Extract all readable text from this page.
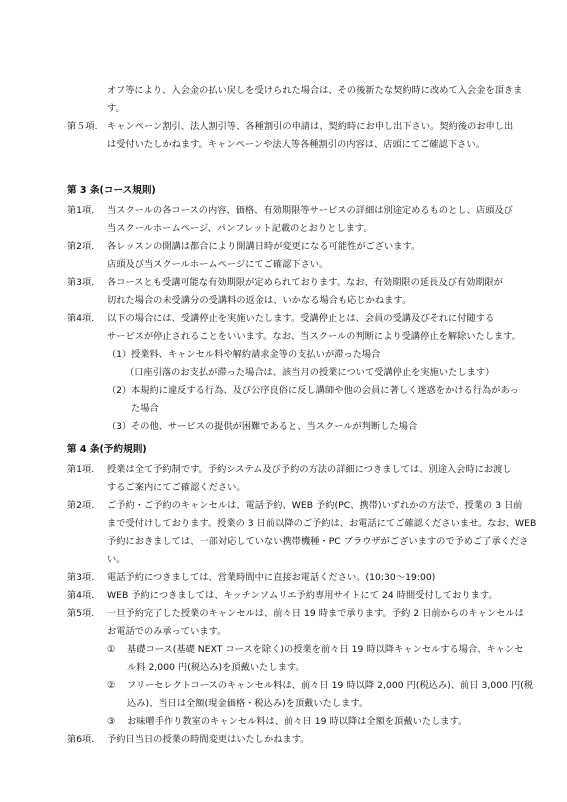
オフ等により、入会金の払い戻しを受けられた場合は、その後新たな契約時に改めて入会金を頂きま
す。
第５項. キャンペーン割引、法人割引等、各種割引の申請は、契約時にお申し出下さい。契約後のお申し出
は受付いたしかねます。キャンペーンや法人等各種割引の内容は、店頭にてご確認下さい。
第 3 条(コース規則)
第1項. 当スクールの各コースの内容、価格、有効期限等サービスの詳細は別途定めるものとし、店頭及び
当スクールホームページ、パンフレット記載のとおりとします。
第2項. 各レッスンの開講は都合により開講日時が変更になる可能性がございます。
店頭及び当スクールホームページにてご確認下さい。
第3項. 各コースとも受講可能な有効期限が定められております。なお、有効期限の延長及び有効期限が
切れた場合の未受講分の受講料の返金は、いかなる場合も応じかねます。
第4項. 以下の場合には、受講停止を実施いたします。受講停止とは、会員の受講及びそれに付随する
サービスが停止されることをいいます。なお、当スクールの判断により受講停止を解除いたします。
（1） 授業料、キャンセル料や解約請求金等の支払いが滞った場合
（口座引落のお支払が滞った場合は、該当月の授業について受講停止を実施いたします）
（2） 本規約に違反する行為、及び公序良俗に反し講師や他の会員に著しく迷惑をかける行為があっ
た場合
（3） その他、サービスの提供が困難であると、当スクールが判断した場合
第 4 条(予約規則)
第1項. 授業は全て予約制です。予約システム及び予約の方法の詳細につきましては、別途入会時にお渡し
するご案内にてご確認ください。
第2項. ご予約・ご予約のキャンセルは、電話予約、WEB 予約(PC、携帯)いずれかの方法で、授業の 3 日前
まで受付けしております。授業の 3 日前以降のご予約は、お電話にてご確認くださいませ。なお、WEB
予約におきましては、一部対応していない携帯機種・PC ブラウザがございますので予めご了承くださ
い。
第3項. 電話予約につきましては、営業時間中に直接お電話ください。(10:30～19:00)
第4項. WEB 予約につきましては、キッチンソムリエ予約専用サイトにて 24 時間受付しております。
第5項. 一旦予約完了した授業のキャンセルは、前々日 19 時まで承ります。予約 2 日前からのキャンセルは
お電話でのみ承っています。
① 基礎コース(基礎 NEXT コースを除く)の授業を前々日 19 時以降キャンセルする場合、キャンセ
ル料 2,000 円(税込み)を頂戴いたします。
② フリーセレクトコースのキャンセル料は、前々日 19 時以降 2,000 円(税込み)、前日 3,000 円(税
込み)、当日は全額(現金価格・税込み)を頂戴いたします。
③ お味噌手作り教室のキャンセル料は、前々日 19 時以降は全額を頂戴いたします。
第6項. 予約日当日の授業の時間変更はいたしかねます。
